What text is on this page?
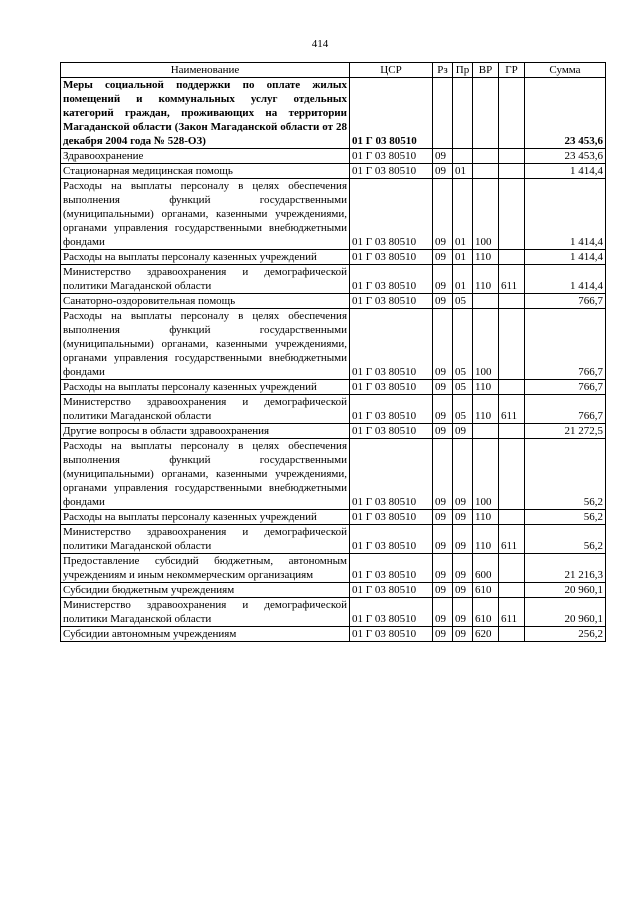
414
Наименование	ЦСР	Рз	Пр	ВР	ГР	Сумма
Меры социальной поддержки по оплате жилых помещений и коммунальных услуг отдельных категорий граждан, проживающих на территории Магаданской области (Закон Магаданской области от 28 декабря 2004 года № 528-ОЗ)	01 Г 03 80510					23 453,6
Здравоохранение	01 Г 03 80510	09				23 453,6
Стационарная медицинская помощь	01 Г 03 80510	09	01			1 414,4
Расходы на выплаты персоналу в целях обеспечения выполнения функций государственными (муниципальными) органами, казенными учреждениями, органами управления государственными внебюджетными фондами	01 Г 03 80510	09	01	100		1 414,4
Расходы на выплаты персоналу казенных учреждений	01 Г 03 80510	09	01	110		1 414,4
Министерство здравоохранения и демографической политики Магаданской области	01 Г 03 80510	09	01	110	611	1 414,4
Санаторно-оздоровительная помощь	01 Г 03 80510	09	05			766,7
Расходы на выплаты персоналу в целях обеспечения выполнения функций государственными (муниципальными) органами, казенными учреждениями, органами управления государственными внебюджетными фондами	01 Г 03 80510	09	05	100		766,7
Расходы на выплаты персоналу казенных учреждений	01 Г 03 80510	09	05	110		766,7
Министерство здравоохранения и демографической политики Магаданской области	01 Г 03 80510	09	05	110	611	766,7
Другие вопросы в области здравоохранения	01 Г 03 80510	09	09			21 272,5
Расходы на выплаты персоналу в целях обеспечения выполнения функций государственными (муниципальными) органами, казенными учреждениями, органами управления государственными внебюджетными фондами	01 Г 03 80510	09	09	100		56,2
Расходы на выплаты персоналу казенных учреждений	01 Г 03 80510	09	09	110		56,2
Министерство здравоохранения и демографической политики Магаданской области	01 Г 03 80510	09	09	110	611	56,2
Предоставление субсидий бюджетным, автономным учреждениям и иным некоммерческим организациям	01 Г 03 80510	09	09	600		21 216,3
Субсидии бюджетным учреждениям	01 Г 03 80510	09	09	610		20 960,1
Министерство здравоохранения и демографической политики Магаданской области	01 Г 03 80510	09	09	610	611	20 960,1
Субсидии автономным учреждениям	01 Г 03 80510	09	09	620		256,2
